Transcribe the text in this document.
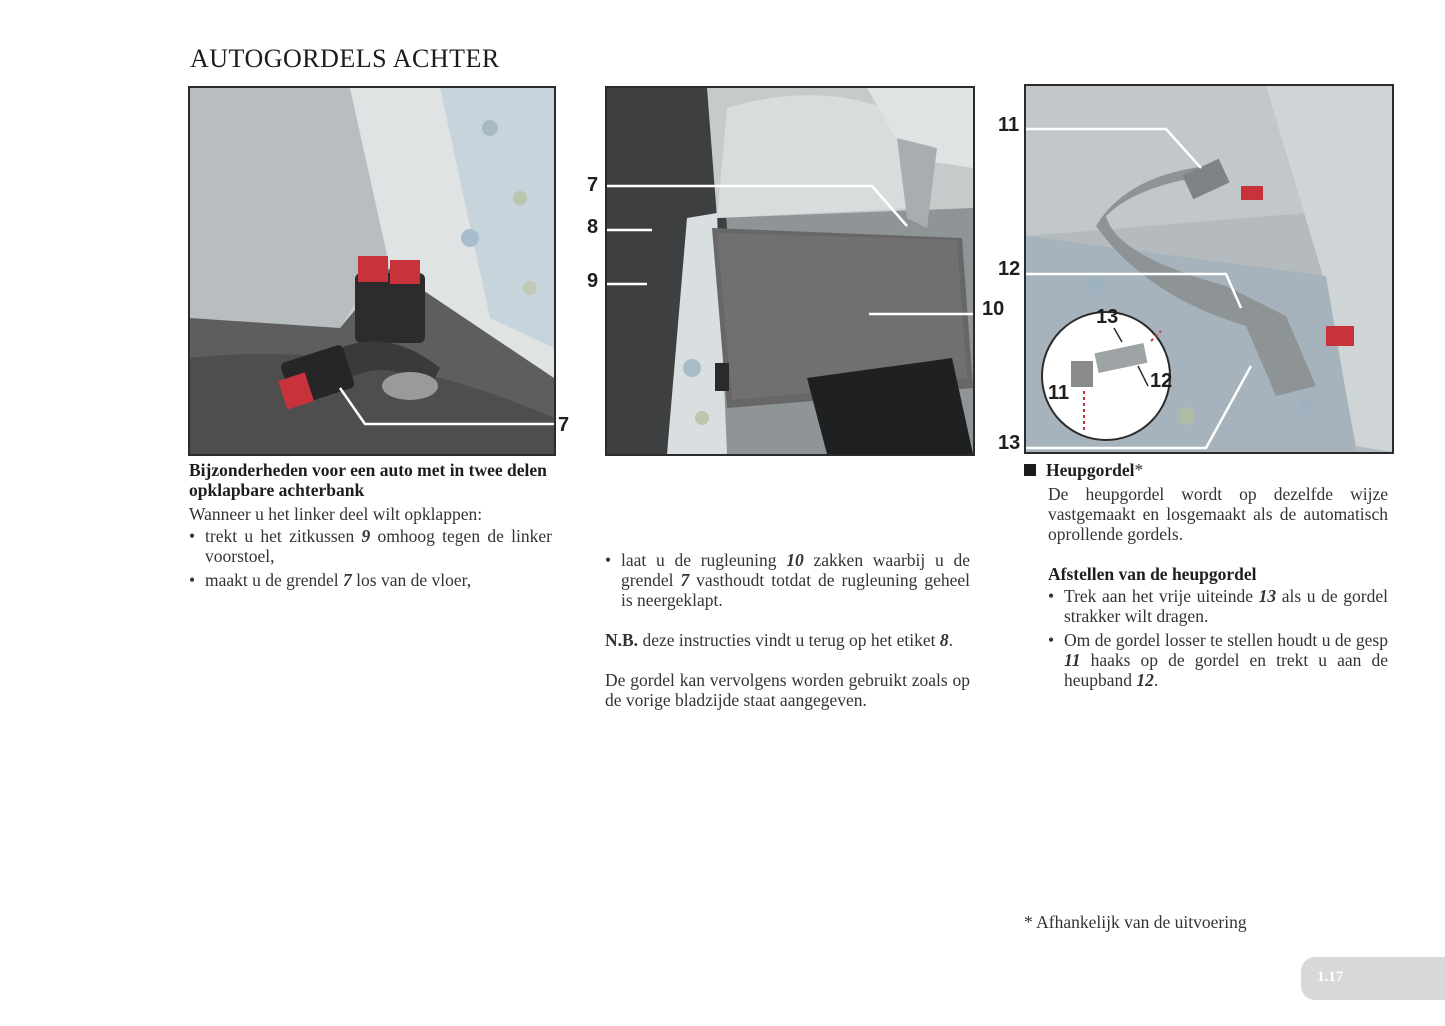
AUTOGORDELS ACHTER
7
7
8
9
10
11
12
13
13
12
11

Bijzonderheden voor een auto met in twee delen opklapbare achterbank

Wanneer u het linker deel wilt opklappen:

• trekt u het zitkussen 9 omhoog tegen de linker voorstoel,
• maakt u de grendel 7 los van de vloer,
• laat u de rugleuning 10 zakken waarbij u de grendel 7 vasthoudt totdat de rugleuning geheel is neergeklapt.

N.B. deze instructies vindt u terug op het etiket 8.

De gordel kan vervolgens worden gebruikt zoals op de vorige bladzijde staat aangegeven.

Heupgordel*

De heupgordel wordt op dezelfde wijze vastgemaakt en losgemaakt als de automatisch oprollende gordels.

Afstellen van de heupgordel

• Trek aan het vrije uiteinde 13 als u de gordel strakker wilt dragen.
• Om de gordel losser te stellen houdt u de gesp 11 haaks op de gordel en trekt u aan de heupband 12.
* Afhankelijk van de uitvoering
1.17
